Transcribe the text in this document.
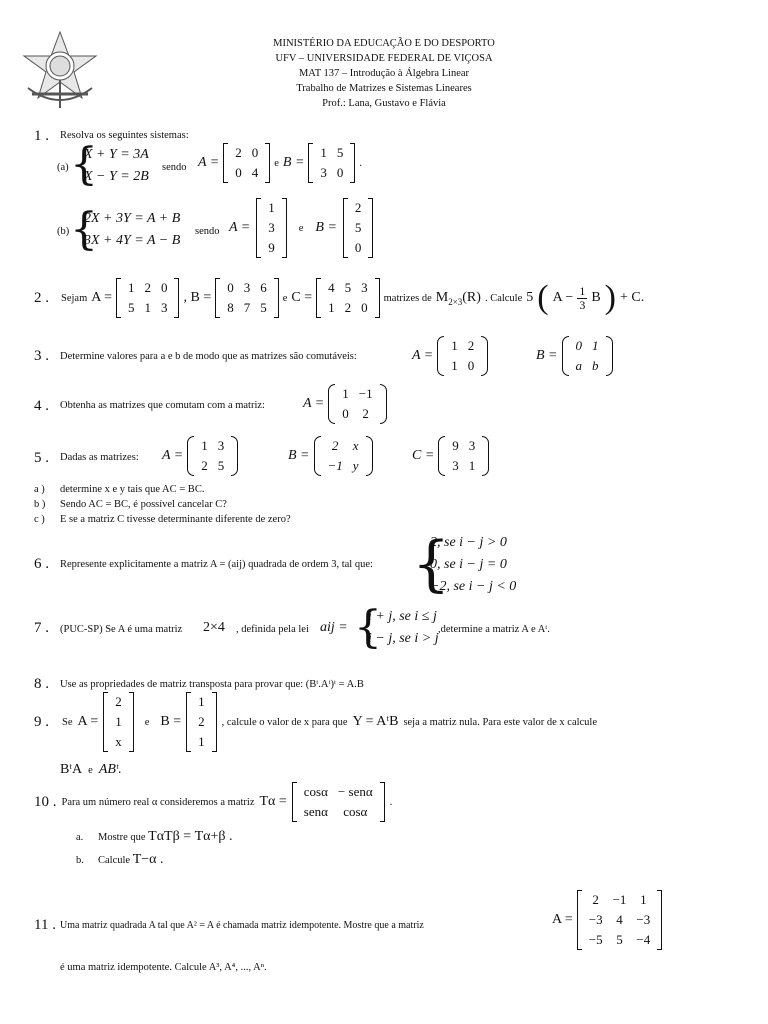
MINISTÉRIO DA EDUCAÇÃO E DO DESPORTO
UFV – UNIVERSIDADE FEDERAL DE VIÇOSA
MAT 137 – Introdução à Álgebra Linear
Trabalho de Matrizes e Sistemas Lineares
Prof.: Lana, Gustavo e Flávia
1 . Resolva os seguintes sistemas:
(a) {
X + Y = 3A
X − Y = 2B
sendo A =
2	0
0	4
e B =
1	5
3	0
.
(b) {
2X + 3Y = A + B
3X + 4Y = A − B
sendo A =
1
3
9
e B =
2
5
0
2 . Sejam A =
1	2	0
5	1	3
, B =
0	3	6
8	7	5
e C =
4	5	3
1	2	0
matrizes de $M_{2\times 3}(R)$ . Calcule 5 ( $A - \frac{1}{3}$ B ) + C.
3 . Determine valores para a e b de modo que as matrizes são comutáveis:	A =
1	2
1	0
B =
0	1
a	b
4 . Obtenha as matrizes que comutam com a matriz:	A =
1	−1
0	2
5 . Dadas as matrizes: A =
1	3
2	5
B =
2	x
−1	y
C =
9	3
3	1
a ) determine x e y tais que AC = BC.
b ) Sendo AC = BC, é possível cancelar C?
c ) E se a matriz C tivesse determinante diferente de zero?
6 . Represente explicitamente a matriz A = (aij) quadrada de ordem 3, tal que: {
2, se i − j > 0
0, se i − j = 0
−2, se i − j < 0
7 . (PUC-SP) Se A é uma matriz 2×4 , definida pela lei aij = {
i + j, se i ≤ j
i − j, se i > j
,determine a matriz A e Aᵗ.
8 . Use as propriedades de matriz transposta para provar que: (Bᵗ.Aᵗ)ᵗ = A.B
9 . Se A =
2
1
x
e B =
1
2
1
, calcule o valor de x para que Y = AᵗB seja a matriz nula. Para este valor de x calcule
BᵗA e ABᵗ.
10 . Para um número real α consideremos a matriz Tα =
cosα	− senα
senα	cosα
.
a. Mostre que TαTβ = Tα+β .
b. Calcule T−α .
11 . Uma matriz quadrada A tal que A² = A é chamada matriz idempotente. Mostre que a matriz	A =
2	−1	1
−3	4	−3
−5	5	−4
é uma matriz idempotente. Calcule A³, A⁴, ..., Aⁿ.
